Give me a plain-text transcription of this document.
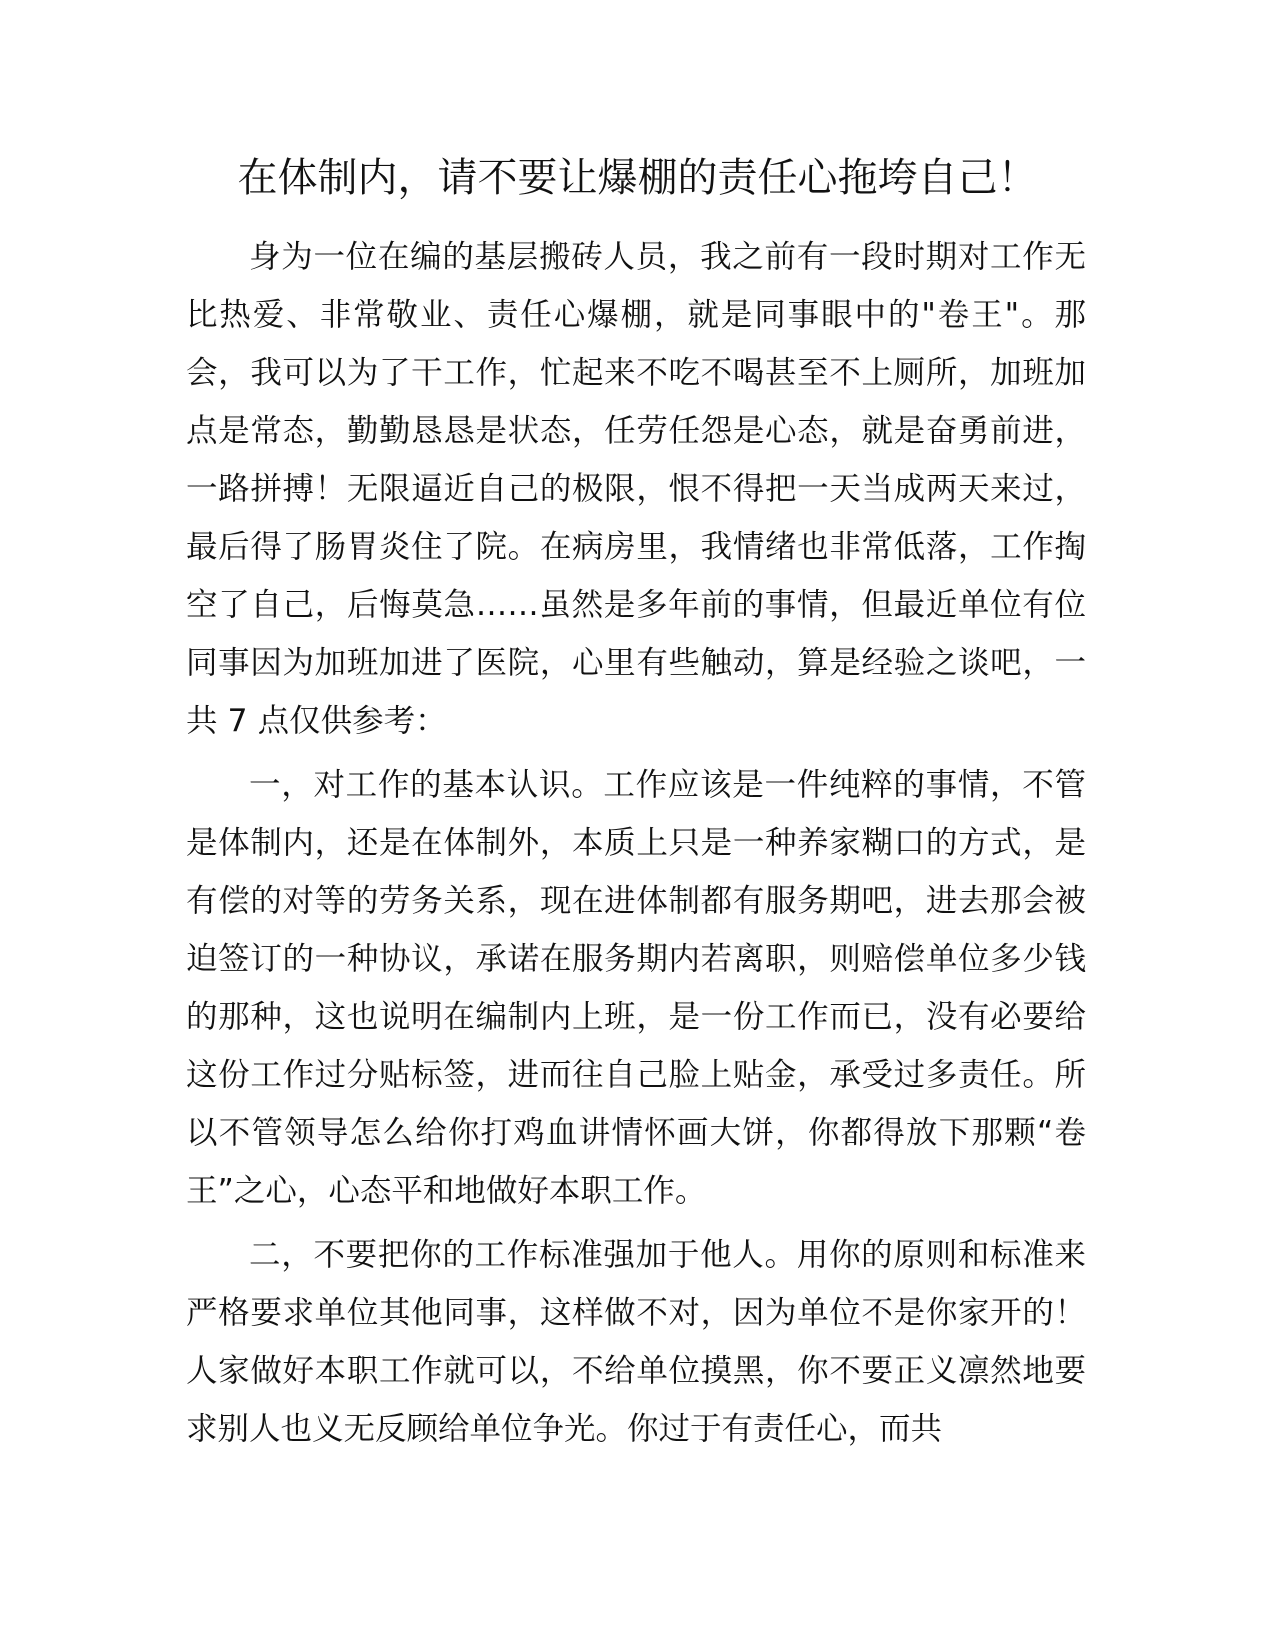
在体制内，请不要让爆棚的责任心拖垮自己！

身为一位在编的基层搬砖人员，我之前有一段时期对工作无比热爱、非常敬业、责任心爆棚，就是同事眼中的"卷王"。那会，我可以为了干工作，忙起来不吃不喝甚至不上厕所，加班加点是常态，勤勤恳恳是状态，任劳任怨是心态，就是奋勇前进，一路拼搏！无限逼近自己的极限，恨不得把一天当成两天来过，最后得了肠胃炎住了院。在病房里，我情绪也非常低落，工作掏空了自己，后悔莫急……虽然是多年前的事情，但最近单位有位同事因为加班加进了医院，心里有些触动，算是经验之谈吧，一共 7 点仅供参考：

一，对工作的基本认识。工作应该是一件纯粹的事情，不管是体制内，还是在体制外，本质上只是一种养家糊口的方式，是有偿的对等的劳务关系，现在进体制都有服务期吧，进去那会被迫签订的一种协议，承诺在服务期内若离职，则赔偿单位多少钱的那种，这也说明在编制内上班，是一份工作而已，没有必要给这份工作过分贴标签，进而往自己脸上贴金，承受过多责任。所以不管领导怎么给你打鸡血讲情怀画大饼，你都得放下那颗“卷王”之心，心态平和地做好本职工作。

二，不要把你的工作标准强加于他人。用你的原则和标准来严格要求单位其他同事，这样做不对，因为单位不是你家开的！人家做好本职工作就可以，不给单位摸黑，你不要正义凛然地要求别人也义无反顾给单位争光。你过于有责任心，而共
